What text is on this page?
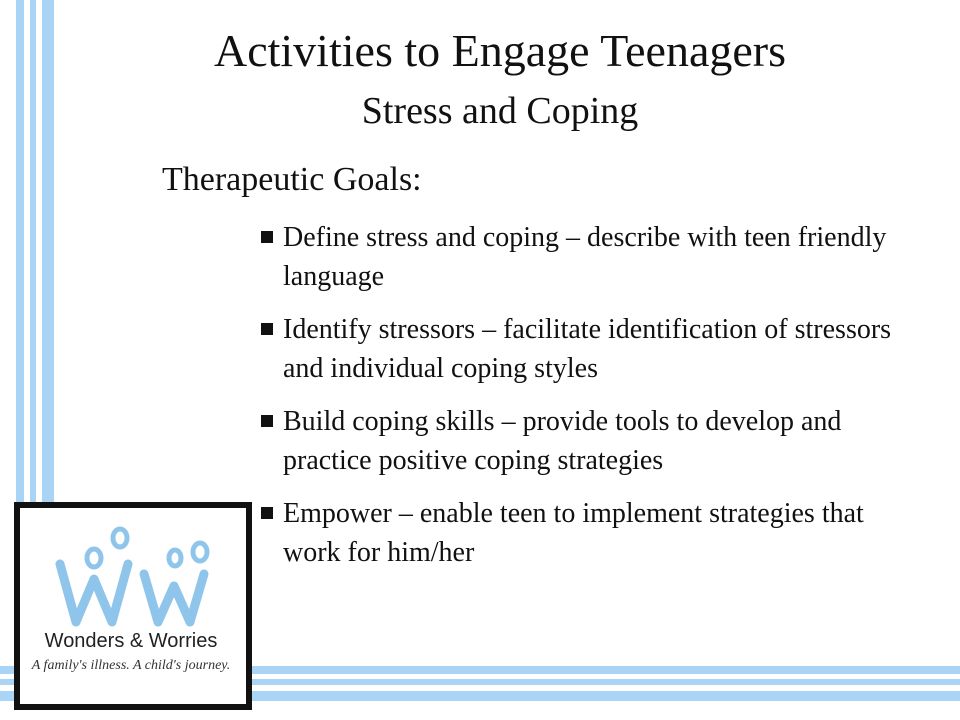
Activities to Engage Teenagers
Stress and Coping
Therapeutic Goals:
Define stress and coping – describe with teen friendly language
Identify stressors – facilitate identification of stressors and individual coping styles
Build coping skills – provide tools to develop and practice positive coping strategies
Empower – enable teen to implement strategies that work for him/her
Wonders & Worries
A family's illness. A child's journey.
